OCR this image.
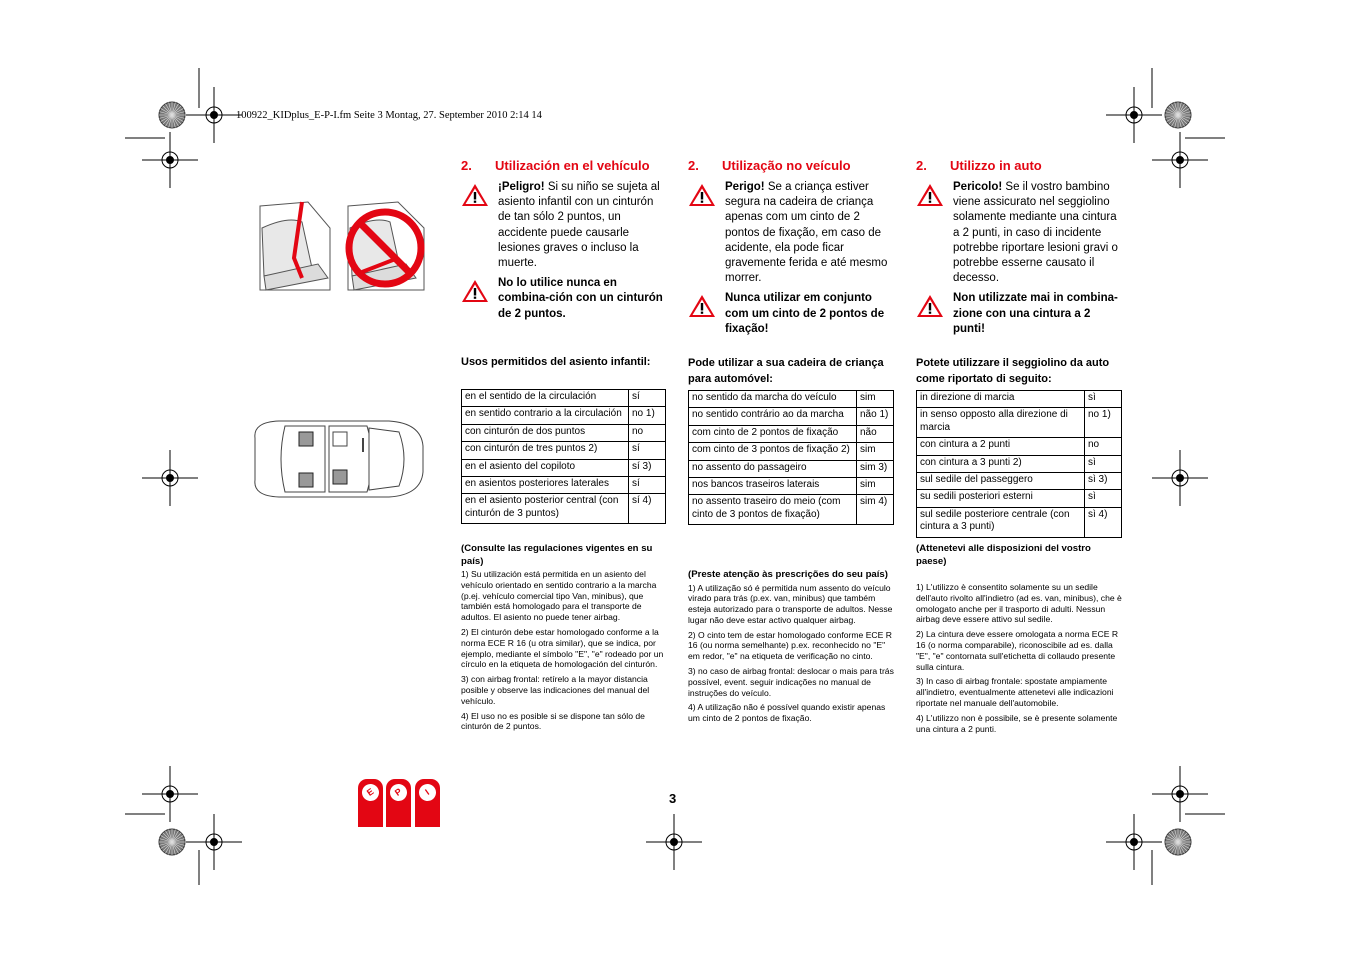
100922_KIDplus_E-P-I.fm Seite 3 Montag, 27. September 2010 2:14 14
2. Utilización en el vehículo
¡Peligro! Si su niño se sujeta al asiento infantil con un cinturón de tan sólo 2 puntos, un accidente puede causarle lesiones graves o incluso la muerte.
No lo utilice nunca en combina-ción con un cinturón de 2 puntos.
Usos permitidos del asiento infantil:
en el sentido de la circulación	sí
en sentido contrario a la circulación	no 1)
con cinturón de dos puntos	no
con cinturón de tres puntos 2)	sí
en el asiento del copiloto	sí 3)
en asientos posteriores laterales	sí
en el asiento posterior central (con cinturón de 3 puntos)	sí 4)
(Consulte las regulaciones vigentes en su país)

1) Su utilización está permitida en un asiento del vehículo orientado en sentido contrario a la marcha (p.ej. vehículo comercial tipo Van, minibus), que también está homologado para el transporte de adultos. El asiento no puede tener airbag.

2) El cinturón debe estar homologado conforme a la norma ECE R 16 (u otra similar), que se indica, por ejemplo, mediante el símbolo "E", "e" rodeado por un círculo en la etiqueta de homologación del cinturón.

3) con airbag frontal: retírelo a la mayor distancia posible y observe las indicaciones del manual del vehículo.

4) El uso no es posible si se dispone tan sólo de cinturón de 2 puntos.

2. Utilização no veículo
Perigo! Se a criança estiver segura na cadeira de criança apenas com um cinto de 2 pontos de fixação, em caso de acidente, ela pode ficar gravemente ferida e até mesmo morrer.
Nunca utilizar em conjunto com um cinto de 2 pontos de fixação!
Pode utilizar a sua cadeira de criança para automóvel:
no sentido da marcha do veículo	sim
no sentido contrário ao da marcha	não 1)
com cinto de 2 pontos de fixação	não
com cinto de 3 pontos de fixação 2)	sim
no assento do passageiro	sim 3)
nos bancos traseiros laterais	sim
no assento traseiro do meio (com cinto de 3 pontos de fixação)	sim 4)
(Preste atenção às prescrições do seu país)

1) A utilização só é permitida num assento do veículo virado para trás (p.ex. van, minibus) que também esteja autorizado para o transporte de adultos. Nesse lugar não deve estar activo qualquer airbag.

2) O cinto tem de estar homologado conforme ECE R 16 (ou norma semelhante) p.ex. reconhecido no "E" em redor, "e" na etiqueta de verificação no cinto.

3) no caso de airbag frontal: deslocar o mais para trás possível, event. seguir indicações no manual de instruções do veículo.

4) A utilização não é possível quando existir apenas um cinto de 2 pontos de fixação.

2. Utilizzo in auto
Pericolo! Se il vostro bambino viene assicurato nel seggiolino solamente mediante una cintura a 2 punti, in caso di incidente potrebbe riportare lesioni gravi o potrebbe esserne causato il decesso.
Non utilizzate mai in combina-zione con una cintura a 2 punti!
Potete utilizzare il seggiolino da auto come riportato di seguito:
in direzione di marcia	sì
in senso opposto alla direzione di marcia	no 1)
con cintura a 2 punti	no
con cintura a 3 punti 2)	sì
sul sedile del passeggero	sì 3)
su sedili posteriori esterni	sì
sul sedile posteriore centrale (con cintura a 3 punti)	sì 4)
(Attenetevi alle disposizioni del vostro paese)

1) L'utilizzo è consentito solamente su un sedile dell'auto rivolto all'indietro (ad es. van, minibus), che è omologato anche per il trasporto di adulti. Nessun airbag deve essere attivo sul sedile.

2) La cintura deve essere omologata a norma ECE R 16 (o norma comparabile), riconoscibile ad es. dalla "E", "e" contornata sull'etichetta di collaudo presente sulla cintura.

3) In caso di airbag frontale: spostate ampiamente all'indietro, eventualmente attenetevi alle indicazioni riportate nel manuale dell'automobile.

4) L'utilizzo non è possibile, se è presente solamente una cintura a 2 punti.

E	P	I	3
